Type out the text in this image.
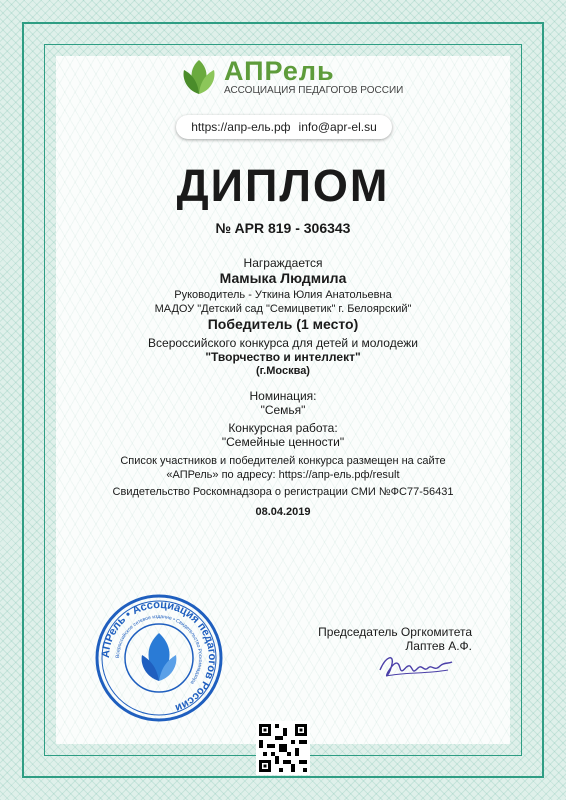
АПРель
АССОЦИАЦИЯ ПЕДАГОГОВ РОССИИ
https://апр-ель.рф info@apr-el.su
ДИПЛОМ
№ APR 819 - 306343
Награждается
Мамыка Людмила
Руководитель - Уткина Юлия Анатольевна
МАДОУ "Детский сад "Семицветик" г. Белоярский"
Победитель (1 место)
Всероссийского конкурса для детей и молодежи
"Творчество и интеллект"
(г.Москва)
Номинация:
"Семья"
Конкурсная работа:
"Семейные ценности"
Список участников и победителей конкурса размещен на сайте
«АПРель» по адресу: https://апр-ель.рф/result
Свидетельство Роскомнадзора о регистрации СМИ №ФС77-56431
08.04.2019
АПРель • Ассоциация педагогов России
Всероссийское сетевое издание • Свидетельство Роскомнадзора
Председатель Оргкомитета
Лаптев А.Ф.
